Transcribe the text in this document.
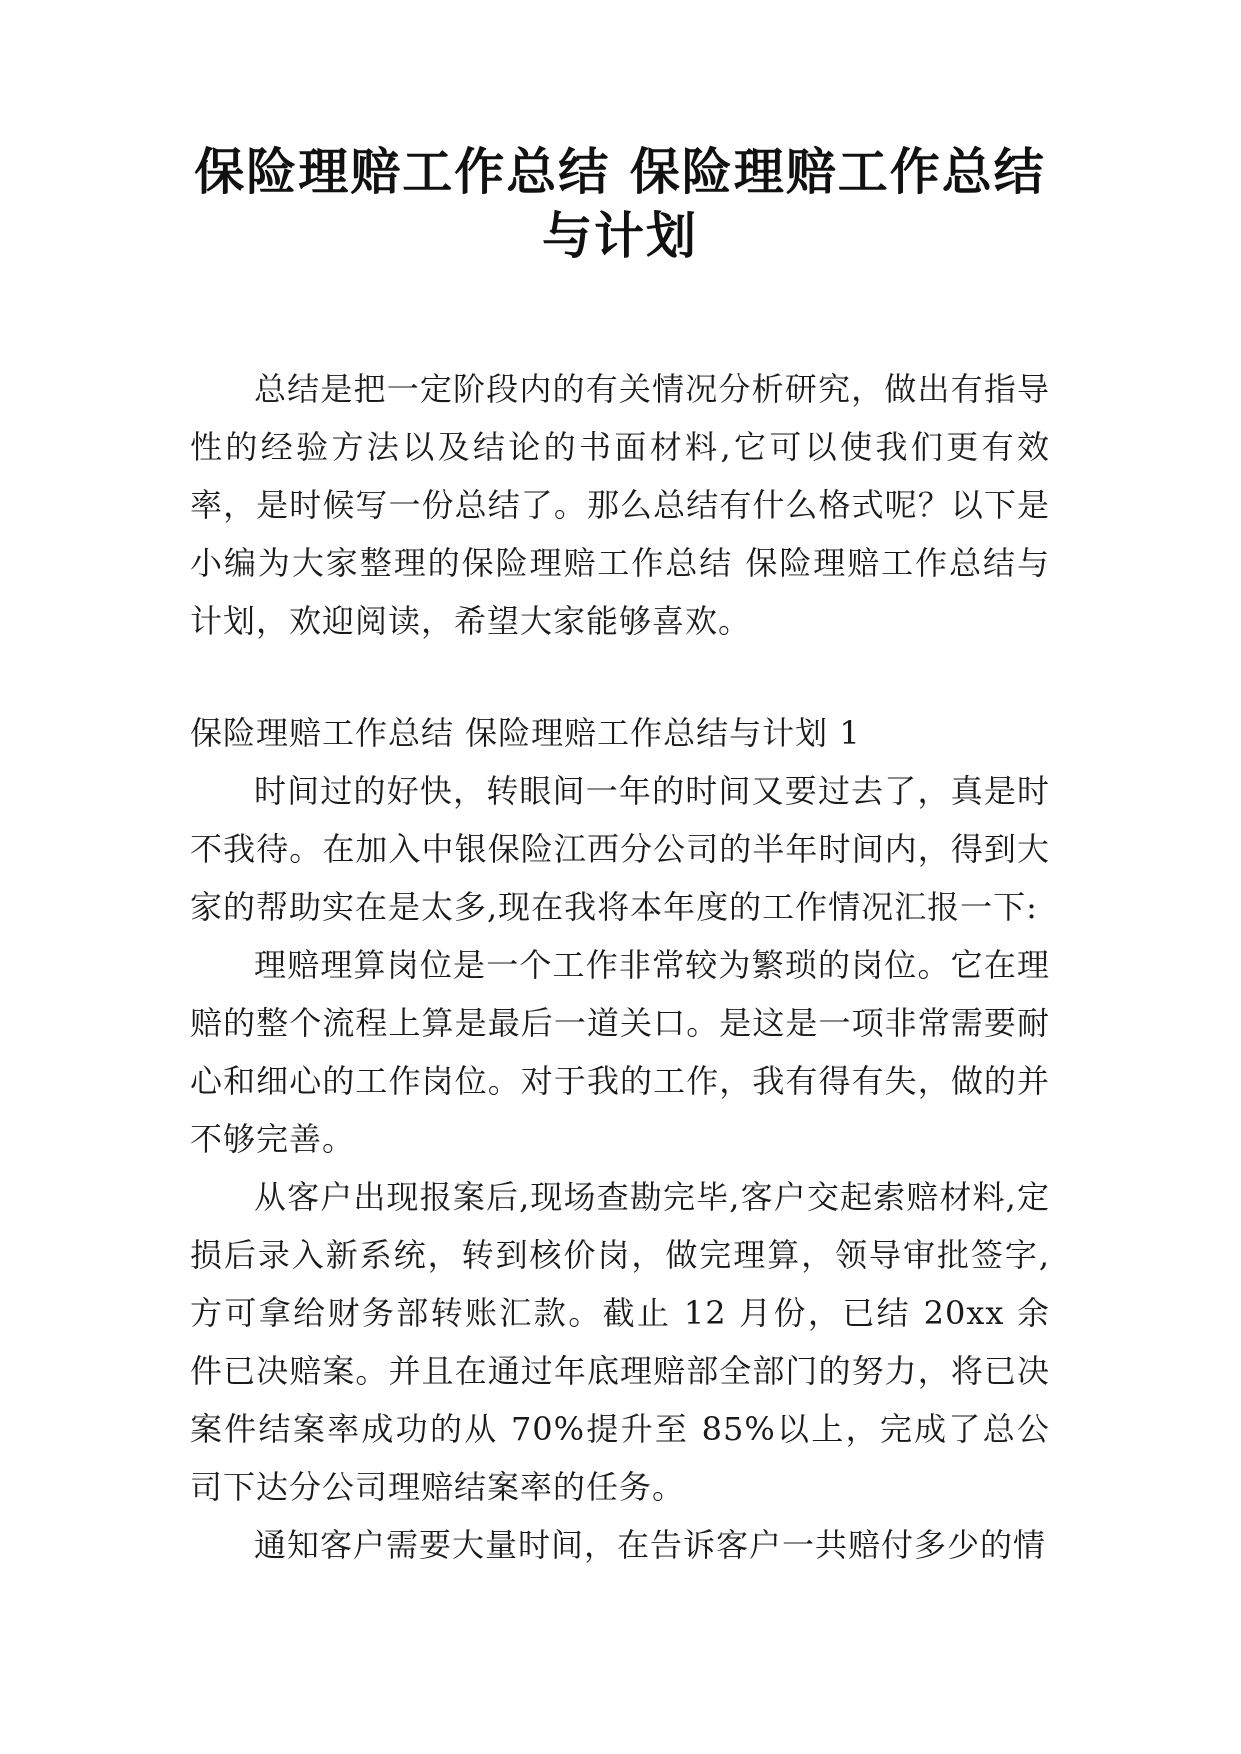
保险理赔工作总结 保险理赔工作总结与计划

总结是把一定阶段内的有关情况分析研究，做出有指导性的经验方法以及结论的书面材料,它可以使我们更有效率，是时候写一份总结了。那么总结有什么格式呢？以下是小编为大家整理的保险理赔工作总结 保险理赔工作总结与计划，欢迎阅读，希望大家能够喜欢。

保险理赔工作总结 保险理赔工作总结与计划 1

时间过的好快，转眼间一年的时间又要过去了，真是时不我待。在加入中银保险江西分公司的半年时间内，得到大家的帮助实在是太多,现在我将本年度的工作情况汇报一下:

理赔理算岗位是一个工作非常较为繁琐的岗位。它在理赔的整个流程上算是最后一道关口。是这是一项非常需要耐心和细心的工作岗位。对于我的工作，我有得有失，做的并不够完善。

从客户出现报案后,现场查勘完毕,客户交起索赔材料,定损后录入新系统，转到核价岗，做完理算，领导审批签字,方可拿给财务部转账汇款。截止 12 月份，已结 20xx 余件已决赔案。并且在通过年底理赔部全部门的努力，将已决案件结案率成功的从 70%提升至 85%以上，完成了总公司下达分公司理赔结案率的任务。

通知客户需要大量时间，在告诉客户一共赔付多少的情
